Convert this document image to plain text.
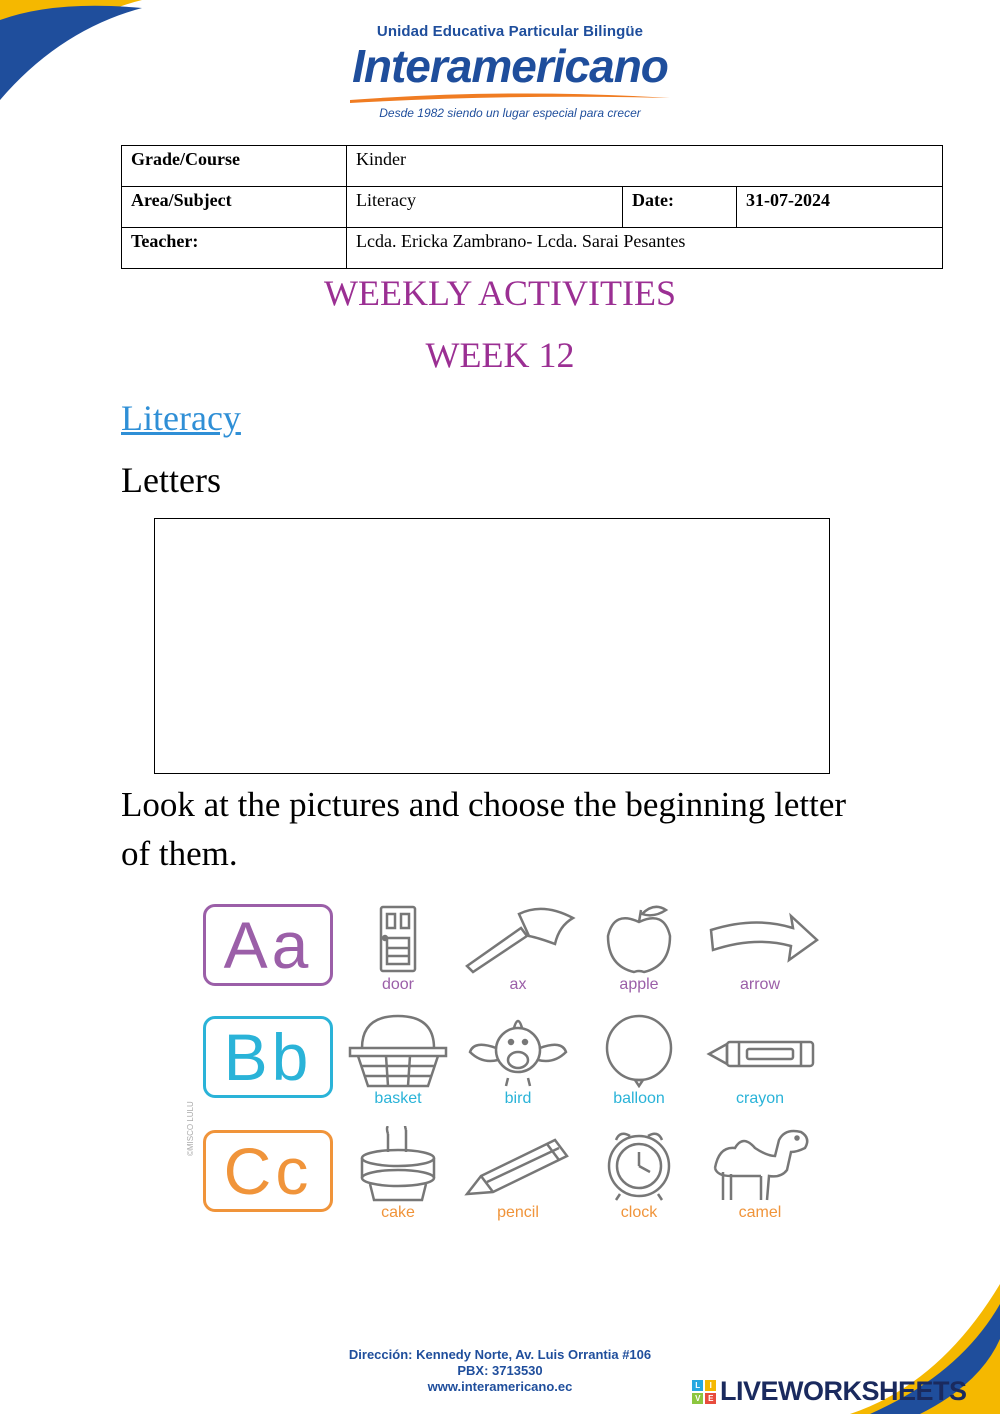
Unidad Educativa Particular Bilingüe
Interamericano
Desde 1982 siendo un lugar especial para crecer
Grade/Course	Kinder		
Area/Subject	Literacy	Date:	31-07-2024
Teacher:	Lcda. Ericka Zambrano- Lcda. Sarai Pesantes		
WEEKLY ACTIVITIES
WEEK 12
Literacy
Letters
Look at the pictures and choose the beginning letter of them.
Aa
door	ax	apple	arrow
Bb
basket	bird	balloon	crayon
Cc
cake	pencil	clock	camel
©MISCO LULU
Dirección: Kennedy Norte, Av. Luis Orrantia #106
PBX: 3713530
www.interamericano.ec	L	I
V	E LIVEWORKSHEETS
